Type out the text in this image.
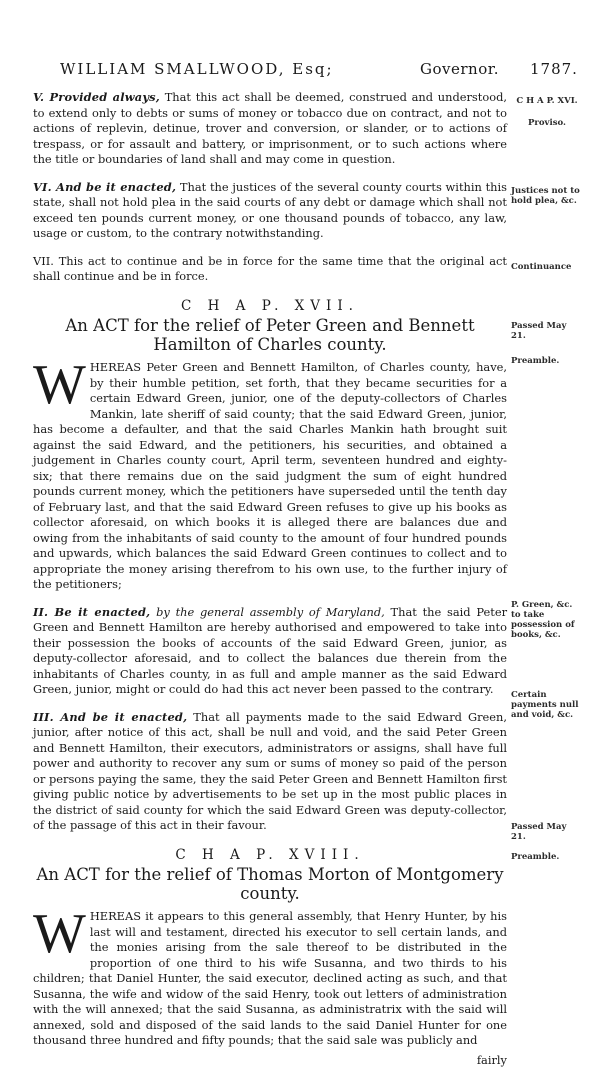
WILLIAM SMALLWOOD, Esq;	Governor. 1787.

V. Provided always, That this act shall be deemed, construed and understood, to extend only to debts or sums of money or tobacco due on contract, and not to actions of replevin, detinue, trover and conversion, or slander, or to actions of trespass, or for assault and battery, or imprisonment, or to such actions where the title or boundaries of land shall and may come in question.

VI. And be it enacted, That the justices of the several county courts within this state, shall not hold plea in the said courts of any debt or damage which shall not exceed ten pounds current money, or one thousand pounds of tobacco, any law, usage or custom, to the contrary notwithstanding.

VII. This act to continue and be in force for the same time that the original act shall continue and be in force.

C H A P. XVII.
An ACT for the relief of Peter Green and Bennett Hamilton of Charles county.

WHEREAS Peter Green and Bennett Hamilton, of Charles county, have, by their humble petition, set forth, that they became securities for a certain Edward Green, junior, one of the deputy-collectors of Charles Mankin, late sheriff of said county; that the said Edward Green, junior, has become a defaulter, and that the said Charles Mankin hath brought suit against the said Edward, and the petitioners, his securities, and obtained a judgement in Charles county court, April term, seventeen hundred and eighty-six; that there remains due on the said judgment the sum of eight hundred pounds current money, which the petitioners have superseded until the tenth day of February last, and that the said Edward Green refuses to give up his books as collector aforesaid, on which books it is alleged there are balances due and owing from the inhabitants of said county to the amount of four hundred pounds and upwards, which balances the said Edward Green continues to collect and to appropriate the money arising therefrom to his own use, to the further injury of the petitioners;

II. Be it enacted, by the general assembly of Maryland, That the said Peter Green and Bennett Hamilton are hereby authorised and empowered to take into their possession the books of accounts of the said Edward Green, junior, as deputy-collector aforesaid, and to collect the balances due therein from the inhabitants of Charles county, in as full and ample manner as the said Edward Green, junior, might or could do had this act never been passed to the contrary.

III. And be it enacted, That all payments made to the said Edward Green, junior, after notice of this act, shall be null and void, and the said Peter Green and Bennett Hamilton, their executors, administrators or assigns, shall have full power and authority to recover any sum or sums of money so paid of the person or persons paying the same, they the said Peter Green and Bennett Hamilton first giving public notice by advertisements to be set up in the most public places in the district of said county for which the said Edward Green was deputy-collector, of the passage of this act in their favour.

C H A P. XVIII.
An ACT for the relief of Thomas Morton of Montgomery county.

WHEREAS it appears to this general assembly, that Henry Hunter, by his last will and testament, directed his executor to sell certain lands, and the monies arising from the sale thereof to be distributed in the proportion of one third to his wife Susanna, and two thirds to his children; that Daniel Hunter, the said executor, declined acting as such, and that Susanna, the wife and widow of the said Henry, took out letters of administration with the will annexed; that the said Susanna, as administratrix with the said will annexed, sold and disposed of the said lands to the said Daniel Hunter for one thousand three hundred and fifty pounds; that the said sale was publicly and

fairly
C H A P. XVI.
Proviso.
Justices not to hold plea, &c.
Continuance
Passed May 21.
Preamble.
P. Green, &c. to take possession of books, &c.
Certain payments null and void, &c.
Passed May 21.
Preamble.
